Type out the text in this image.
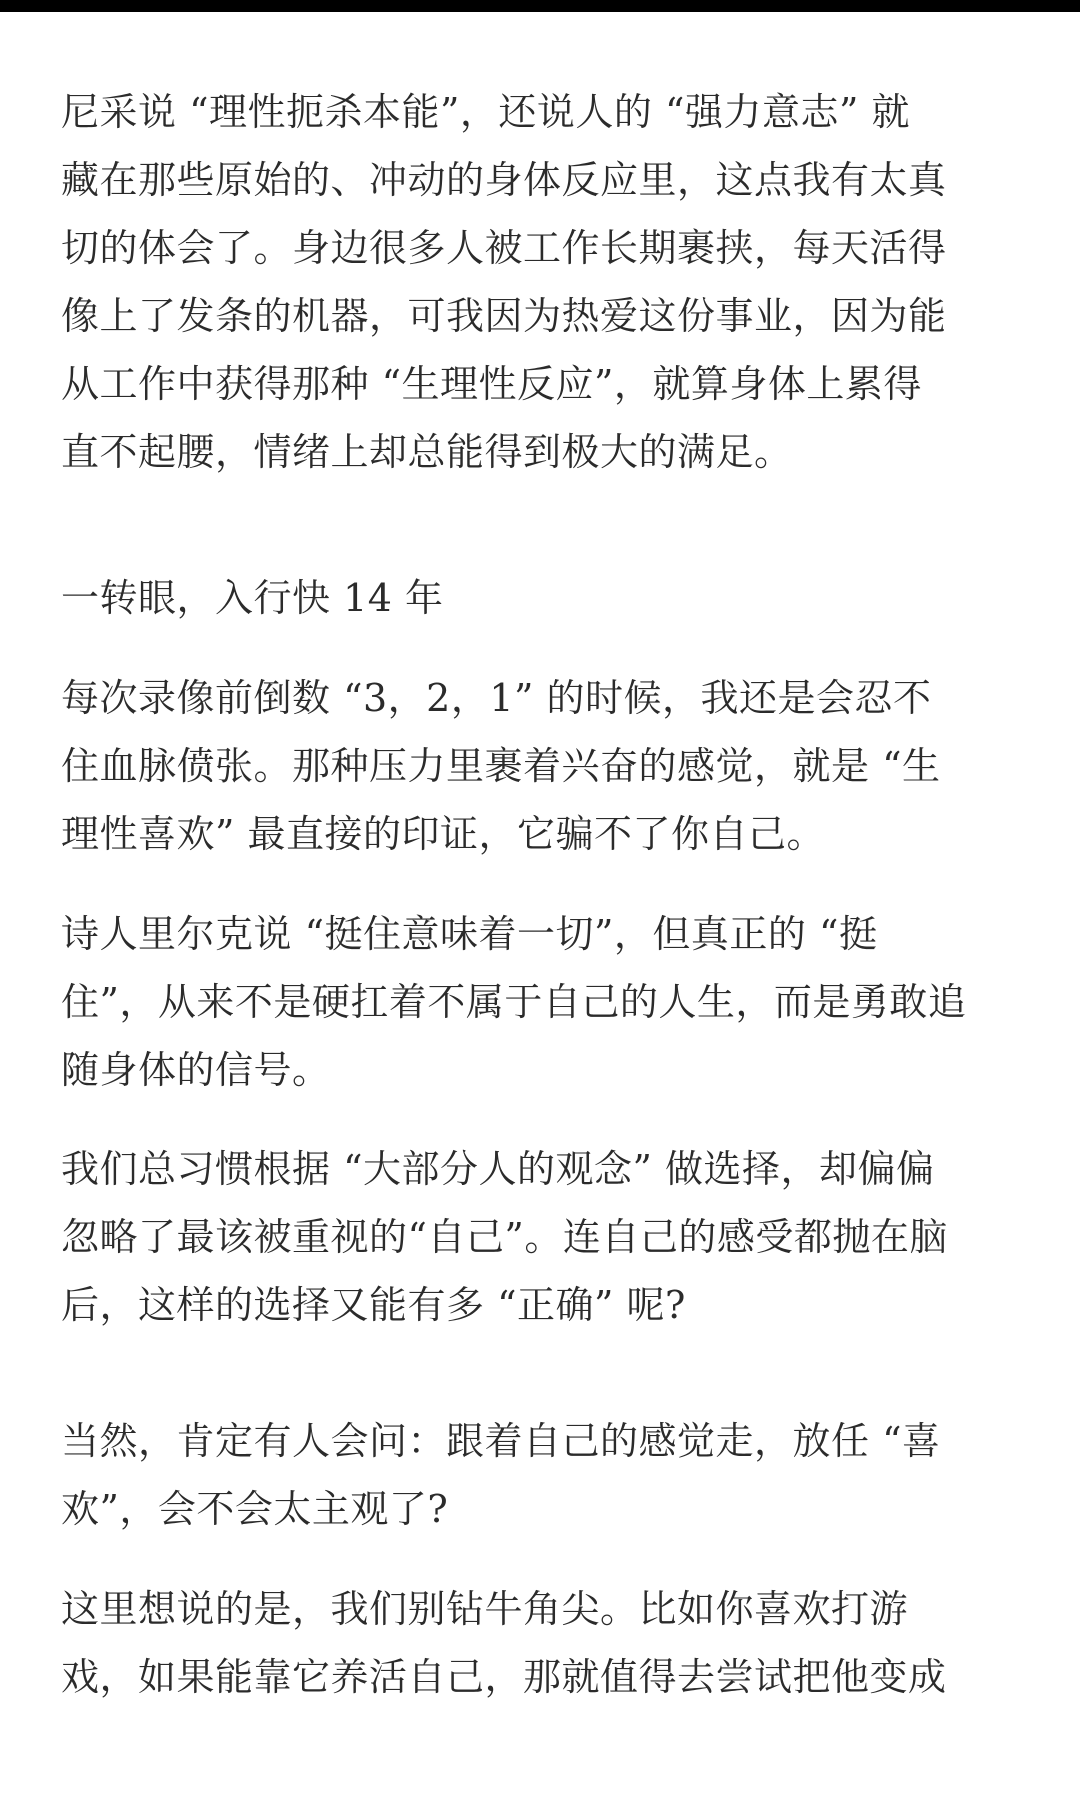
尼采说 “理性扼杀本能”，还说人的 “强力意志” 就
藏在那些原始的、冲动的身体反应里，这点我有太真
切的体会了。身边很多人被工作长期裹挟，每天活得
像上了发条的机器，可我因为热爱这份事业，因为能
从工作中获得那种 “生理性反应”，就算身体上累得
直不起腰，情绪上却总能得到极大的满足。

一转眼，入行快 14 年

每次录像前倒数 “3，2，1” 的时候，我还是会忍不
住血脉偾张。那种压力里裹着兴奋的感觉，就是 “生
理性喜欢” 最直接的印证，它骗不了你自己。

诗人里尔克说 “挺住意味着一切”，但真正的 “挺
住”，从来不是硬扛着不属于自己的人生，而是勇敢追
随身体的信号。

我们总习惯根据 “大部分人的观念” 做选择，却偏偏
忽略了最该被重视的“自己”。连自己的感受都抛在脑
后，这样的选择又能有多 “正确” 呢?

当然，肯定有人会问：跟着自己的感觉走，放任 “喜
欢”，会不会太主观了?

这里想说的是，我们别钻牛角尖。比如你喜欢打游
戏，如果能靠它养活自己，那就值得去尝试把他变成
